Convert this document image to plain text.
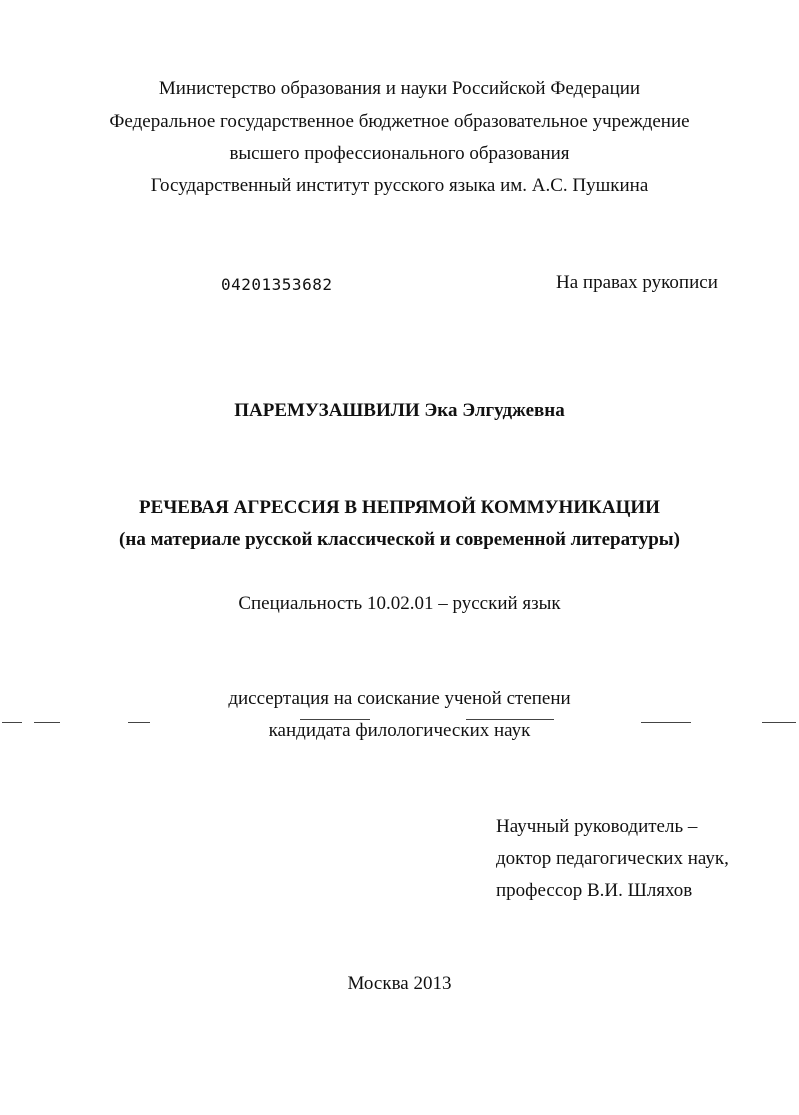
Министерство образования и науки Российской Федерации
Федеральное государственное бюджетное образовательное учреждение
высшего профессионального образования
Государственный институт русского языка им. А.С. Пушкина
04201353682	На правах рукописи
ПАРЕМУЗАШВИЛИ Эка Элгуджевна
РЕЧЕВАЯ АГРЕССИЯ В НЕПРЯМОЙ КОММУНИКАЦИИ
(на материале русской классической и современной литературы)
Специальность 10.02.01 – русский язык
диссертация на соискание ученой степени
кандидата филологических наук
Научный руководитель –
доктор педагогических наук,
профессор В.И. Шляхов
Москва 2013
